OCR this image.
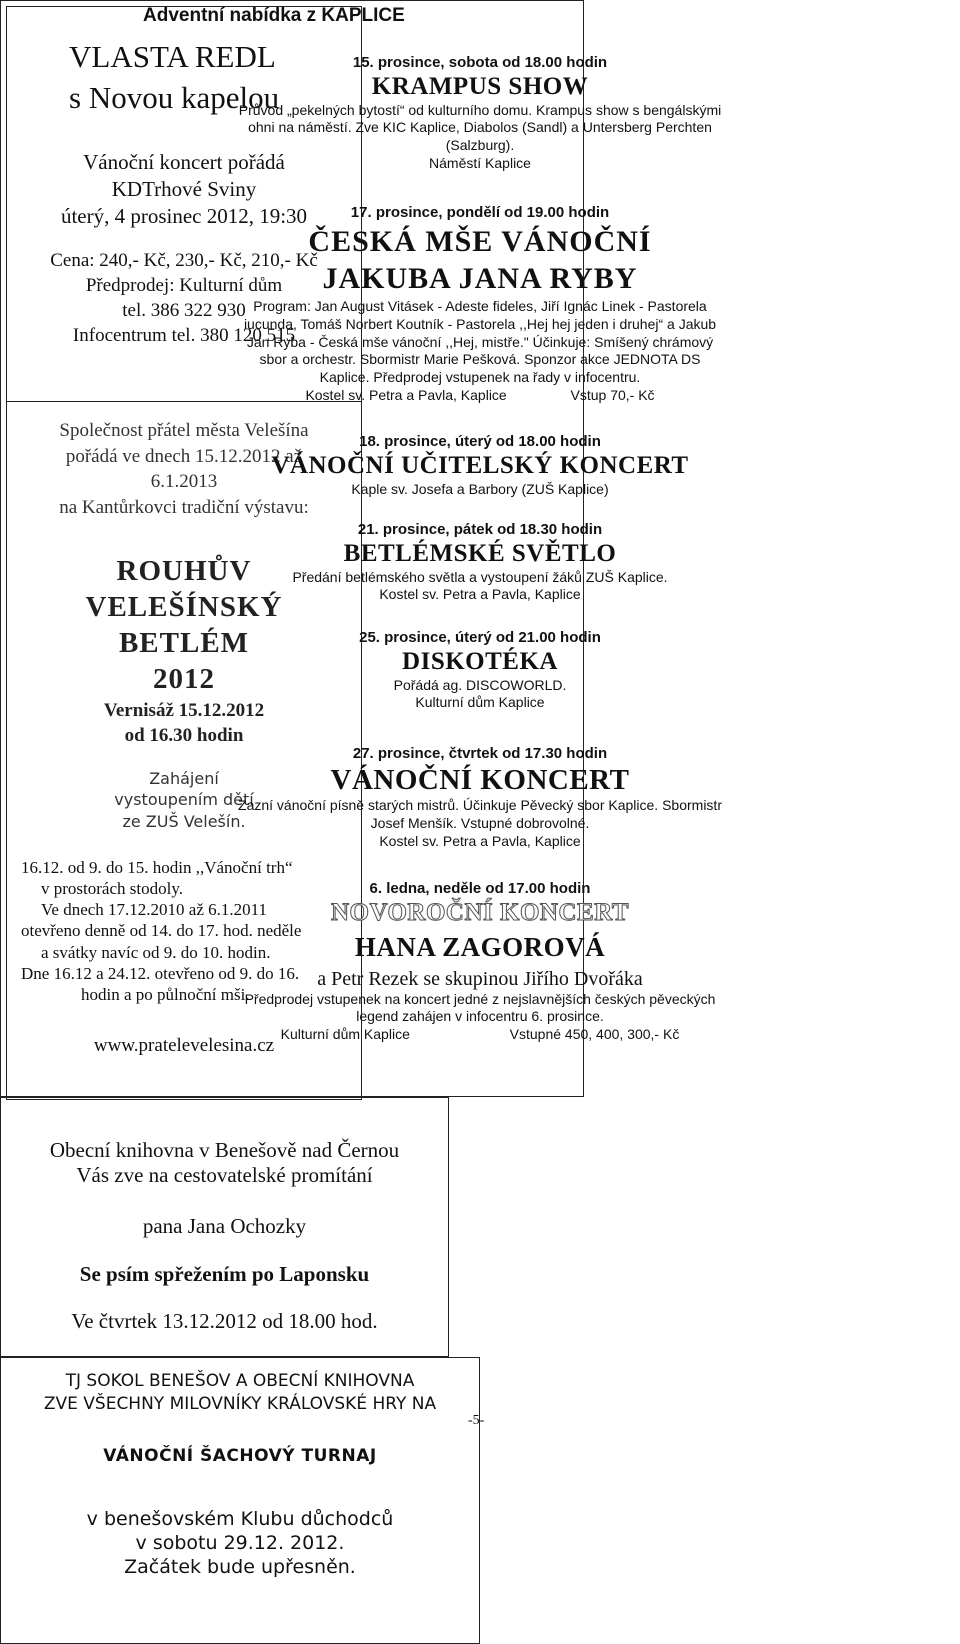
VLASTA REDL
s Novou kapelou
Vánoční koncert pořádá
KDTrhové Sviny
úterý, 4 prosinec 2012, 19:30
Cena: 240,- Kč, 230,- Kč, 210,- Kč
Předprodej: Kulturní dům
tel. 386 322 930
Infocentrum tel. 380 120 515
Společnost přátel města Velešína
pořádá ve dnech 15.12.2012 až
6.1.2013
na Kantůrkovci tradiční výstavu:
ROUHŮV
VELEŠÍNSKÝ
BETLÉM
2012
Vernisáž 15.12.2012
od 16.30 hodin
Zahájení
vystoupením dětí
ze ZUŠ Velešín.
16.12. od 9. do 15. hodin ,,Vánoční trh“
v prostorách stodoly.
Ve dnech 17.12.2010 až 6.1.2011
otevřeno denně od 14. do 17. hod. neděle
a svátky navíc od 9. do 10. hodin.
Dne 16.12 a 24.12. otevřeno od 9. do 16.
hodin a po půlnoční mši.
www.pratelevelesina.cz
Adventní nabídka z KAPLICE
15. prosince, sobota od 18.00 hodin
KRAMPUS SHOW
Průvod „pekelných bytostí“ od kulturního domu. Krampus show s bengálskými
ohni na náměstí. Zve KIC Kaplice, Diabolos (Sandl) a Untersberg Perchten
(Salzburg).
Náměstí Kaplice
17. prosince, pondělí od 19.00 hodin
ČESKÁ MŠE VÁNOČNÍ
JAKUBA JANA RYBY
Program: Jan August Vitásek - Adeste fideles, Jiří Ignác Linek - Pastorela
iucunda, Tomáš Norbert Koutník - Pastorela ,,Hej hej jeden i druhej“ a Jakub
Jan Ryba - Česká mše vánoční ,,Hej, mistře." Účinkuje: Smíšený chrámový
sbor a orchestr. Sbormistr Marie Pešková. Sponzor akce JEDNOTA DS
Kaplice. Předprodej vstupenek na řady v infocentru.
Kostel sv. Petra a Pavla, Kaplice	Vstup 70,- Kč
18. prosince, úterý od 18.00 hodin
VÁNOČNÍ UČITELSKÝ KONCERT
Kaple sv. Josefa a Barbory (ZUŠ Kaplice)
21. prosince, pátek od 18.30 hodin
BETLÉMSKÉ SVĚTLO
Předání betlémského světla a vystoupení žáků ZUŠ Kaplice.
Kostel sv. Petra a Pavla, Kaplice
25. prosince, úterý od 21.00 hodin
DISKOTÉKA
Pořádá ag. DISCOWORLD.
Kulturní dům Kaplice
27. prosince, čtvrtek od 17.30 hodin
VÁNOČNÍ KONCERT
Zazní vánoční písně starých mistrů. Účinkuje Pěvecký sbor Kaplice. Sbormistr
Josef Menšík. Vstupné dobrovolné.
Kostel sv. Petra a Pavla, Kaplice
6. ledna, neděle od 17.00 hodin
NOVOROČNÍ KONCERT
HANA ZAGOROVÁ
a Petr Rezek se skupinou Jiřího Dvořáka
Předprodej vstupenek na koncert jedné z nejslavnějších českých pěveckých
legend zahájen v infocentru 6. prosince.
Kulturní dům Kaplice	Vstupné 450, 400, 300,- Kč
Obecní knihovna v Benešově nad Černou
Vás zve na cestovatelské promítání
pana Jana Ochozky
Se psím spřežením po Laponsku
Ve čtvrtek 13.12.2012 od 18.00 hod.
TJ SOKOL BENEŠOV A OBECNÍ KNIHOVNA
ZVE VŠECHNY MILOVNÍKY KRÁLOVSKÉ HRY NA
VÁNOČNÍ ŠACHOVÝ TURNAJ
v benešovském Klubu důchodců
v sobotu 29.12. 2012.
Začátek bude upřesněn.
-5-
